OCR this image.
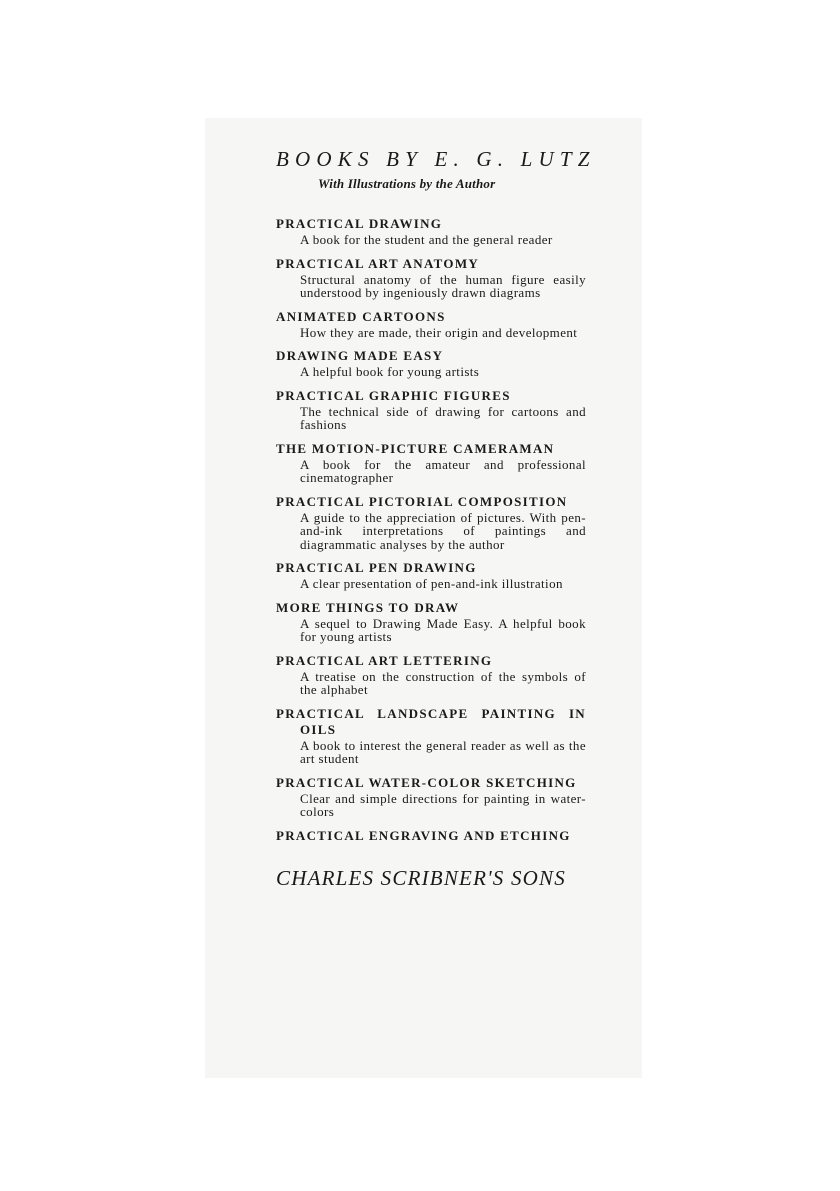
BOOKS BY E. G. LUTZ
With Illustrations by the Author
PRACTICAL DRAWING
A book for the student and the general reader
PRACTICAL ART ANATOMY
Structural anatomy of the human figure easily understood by ingeniously drawn diagrams
ANIMATED CARTOONS
How they are made, their origin and development
DRAWING MADE EASY
A helpful book for young artists
PRACTICAL GRAPHIC FIGURES
The technical side of drawing for cartoons and fashions
THE MOTION-PICTURE CAMERAMAN
A book for the amateur and professional cinematographer
PRACTICAL PICTORIAL COMPOSITION
A guide to the appreciation of pictures. With pen-and-ink interpretations of paintings and diagrammatic analyses by the author
PRACTICAL PEN DRAWING
A clear presentation of pen-and-ink illustration
MORE THINGS TO DRAW
A sequel to Drawing Made Easy. A helpful book for young artists
PRACTICAL ART LETTERING
A treatise on the construction of the symbols of the alphabet
PRACTICAL LANDSCAPE PAINTING IN OILS
A book to interest the general reader as well as the art student
PRACTICAL WATER-COLOR SKETCHING
Clear and simple directions for painting in water-colors
PRACTICAL ENGRAVING AND ETCHING
CHARLES SCRIBNER'S SONS
